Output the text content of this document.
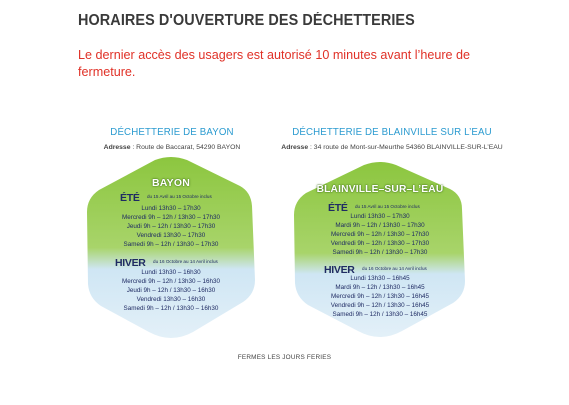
HORAIRES D'OUVERTURE DES DÉCHETTERIES
Le dernier accès des usagers est autorisé 10 minutes avant l’heure de fermeture.
DÉCHETTERIE DE BAYON
Adresse : Route de Baccarat, 54290 BAYON
BAYON
ÉTÉ du 15 Avril au 15 Octobre inclus
Lundi 13h30 – 17h30
Mercredi 9h – 12h / 13h30 – 17h30
Jeudi 9h – 12h / 13h30 – 17h30
Vendredi 13h30 – 17h30
Samedi 9h – 12h / 13h30 – 17h30
HIVER du 16 Octobre au 14 Avril inclus
Lundi 13h30 – 16h30
Mercredi 9h – 12h / 13h30 – 16h30
Jeudi 9h – 12h / 13h30 – 16h30
Vendredi 13h30 – 16h30
Samedi 9h – 12h / 13h30 – 16h30
DÉCHETTERIE DE BLAINVILLE SUR L’EAU
Adresse : 34 route de Mont-sur-Meurthe 54360 BLAINVILLE-SUR-L’EAU
BLAINVILLE–SUR–L’EAU
ÉTÉ du 15 Avril au 15 Octobre inclus
Lundi 13h30 – 17h30
Mardi 9h – 12h / 13h30 – 17h30
Mercredi 9h – 12h / 13h30 – 17h30
Vendredi 9h – 12h / 13h30 – 17h30
Samedi 9h – 12h / 13h30 – 17h30
HIVER du 16 Octobre au 14 Avril inclus
Lundi 13h30 – 16h45
Mardi 9h – 12h / 13h30 – 16h45
Mercredi 9h – 12h / 13h30 – 16h45
Vendredi 9h – 12h / 13h30 – 16h45
Samedi 9h – 12h / 13h30 – 16h45
FERMES LES JOURS FERIES
